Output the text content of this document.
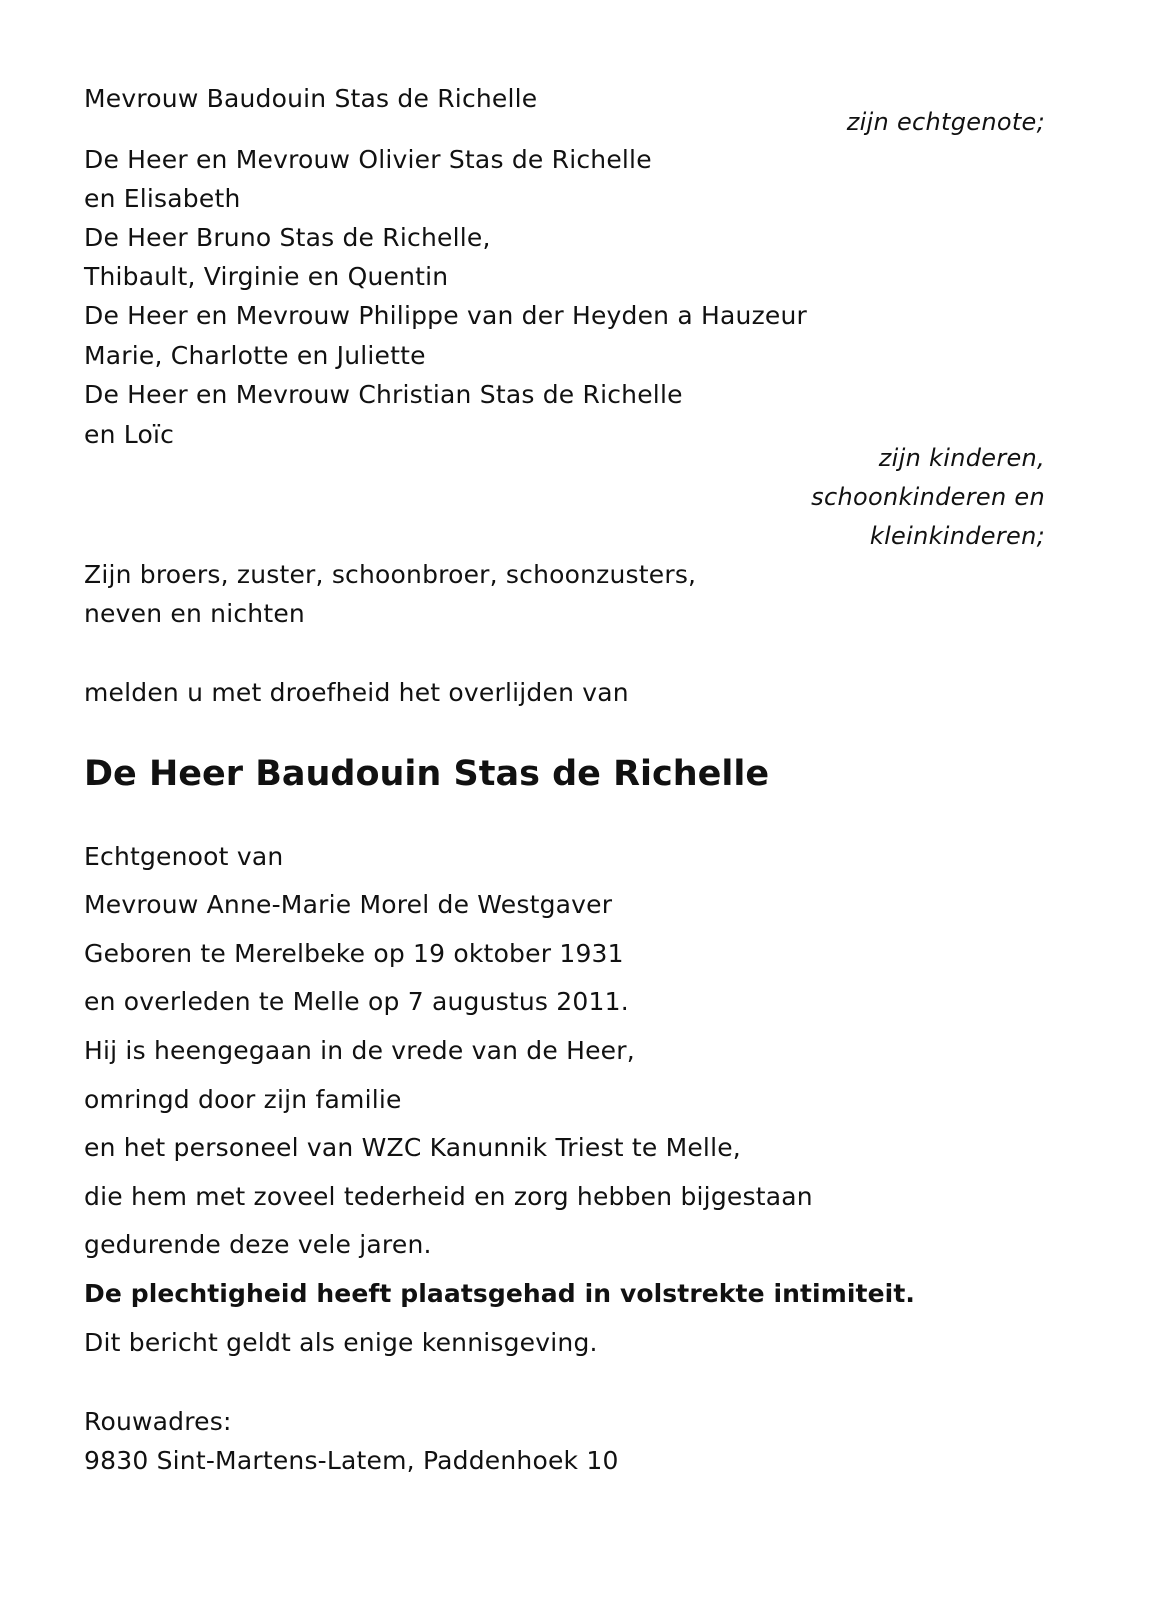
Mevrouw Baudouin Stas de Richelle
zijn echtgenote;
De Heer en Mevrouw Olivier Stas de Richelle
en Elisabeth
De Heer Bruno Stas de Richelle,
Thibault, Virginie en Quentin
De Heer en Mevrouw Philippe van der Heyden a Hauzeur
Marie, Charlotte en Juliette
De Heer en Mevrouw Christian Stas de Richelle
en Loïc
zijn kinderen,
schoonkinderen en
kleinkinderen;
Zijn broers, zuster, schoonbroer, schoonzusters,
neven en nichten
melden u met droefheid het overlijden van
De Heer Baudouin Stas de Richelle
Echtgenoot van
Mevrouw Anne-Marie Morel de Westgaver
Geboren te Merelbeke op 19 oktober 1931
en overleden te Melle op 7 augustus 2011.
Hij is heengegaan in de vrede van de Heer,
omringd door zijn familie
en het personeel van WZC Kanunnik Triest te Melle,
die hem met zoveel tederheid en zorg hebben bijgestaan
gedurende deze vele jaren.
De plechtigheid heeft plaatsgehad in volstrekte intimiteit.
Dit bericht geldt als enige kennisgeving.
Rouwadres:
9830 Sint-Martens-Latem, Paddenhoek 10
